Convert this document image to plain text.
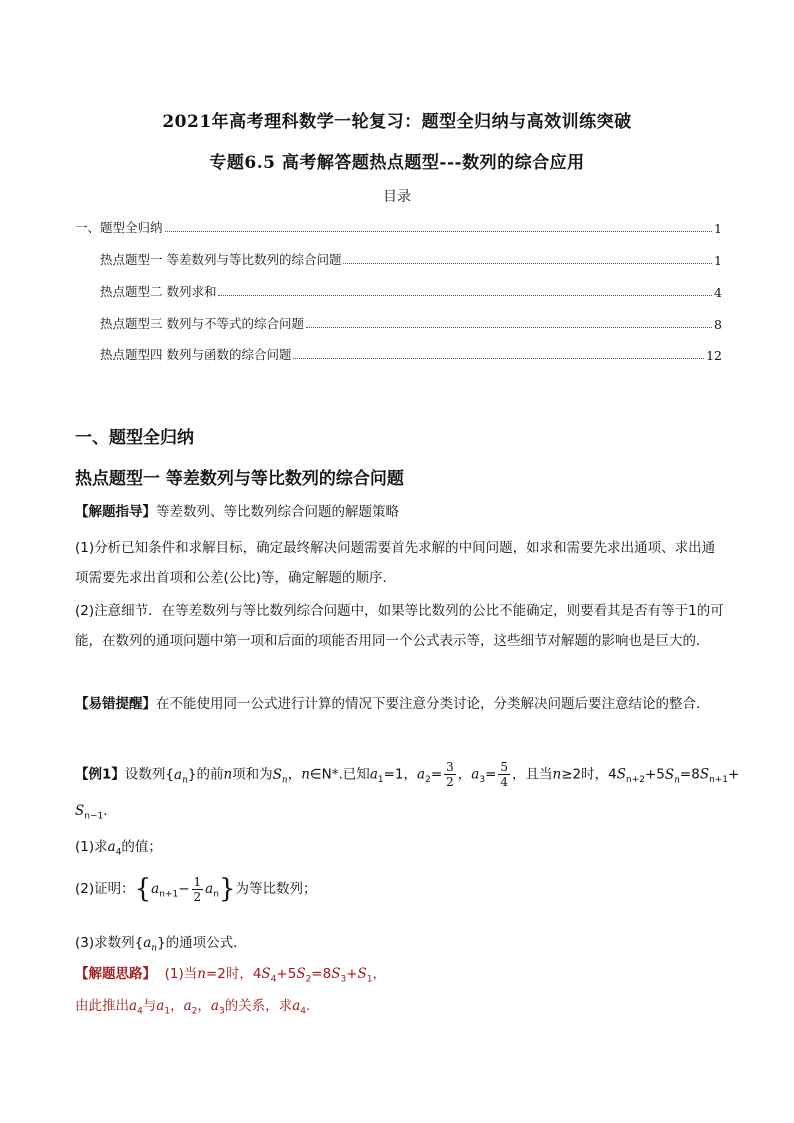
2021年高考理科数学一轮复习：题型全归纳与高效训练突破
专题6.5 高考解答题热点题型---数列的综合应用
目录
一、题型全归纳	1
热点题型一 等差数列与等比数列的综合问题	1
热点题型二 数列求和	4
热点题型三 数列与不等式的综合问题	8
热点题型四 数列与函数的综合问题	12
一、题型全归纳
热点题型一 等差数列与等比数列的综合问题
【解题指导】等差数列、等比数列综合问题的解题策略
(1)分析已知条件和求解目标，确定最终解决问题需要首先求解的中间问题，如求和需要先求出通项、求出通项需要先求出首项和公差(公比)等，确定解题的顺序．
(2)注意细节．在等差数列与等比数列综合问题中，如果等比数列的公比不能确定，则要看其是否有等于1的可能，在数列的通项问题中第一项和后面的项能否用同一个公式表示等，这些细节对解题的影响也是巨大的．
【易错提醒】在不能使用同一公式进行计算的情况下要注意分类讨论，分类解决问题后要注意结论的整合．
【例1】设数列$\{a_n\}$的前n项和为$S_n$，n∈N*.已知$a_1=1$，$a_2= \frac{3}{2}$ ，$a_3= \frac{5}{4}$ ，且当n≥2时，$4S_{n+2}+5S_n=8S_{n+1}+$
$S_{n-1}$.
(1)求$a_4$的值；
(2)证明：$\{a_{n+1}- \frac{1}{2} a_n\}$为等比数列；
(3)求数列$\{a_n\}$的通项公式．
【解题思路】 (1)当n=2时，$4S_4+5S_2=8S_3+S_1$，
由此推出$a_4$与$a_1$，$a_2$，$a_3$的关系，求$a_4$.
